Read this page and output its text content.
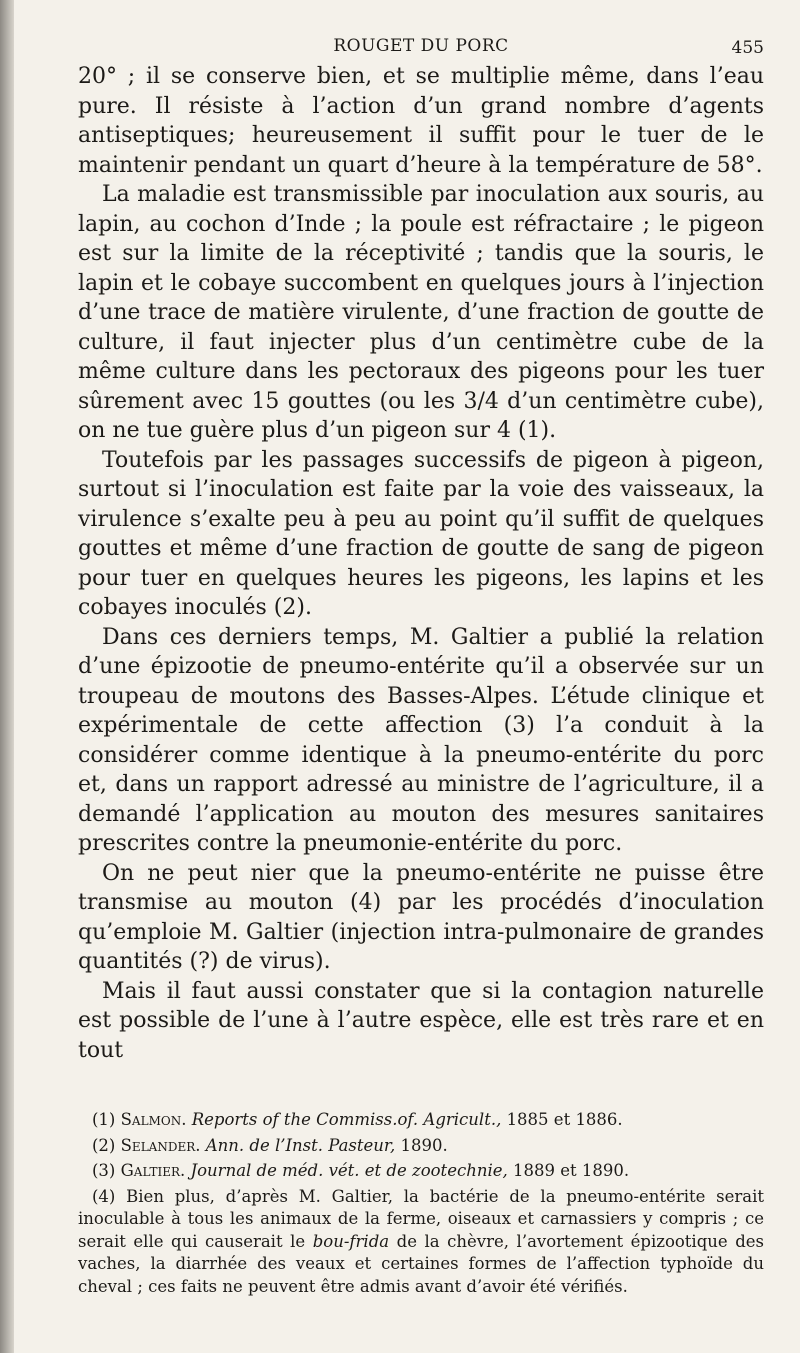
ROUGET DU PORC	455

20° ; il se conserve bien, et se multiplie même, dans l’eau pure. Il résiste à l’action d’un grand nombre d’agents antiseptiques; heureusement il suffit pour le tuer de le maintenir pendant un quart d’heure à la température de 58°.

La maladie est transmissible par inoculation aux souris, au lapin, au cochon d’Inde ; la poule est réfractaire ; le pigeon est sur la limite de la réceptivité ; tandis que la souris, le lapin et le cobaye succombent en quelques jours à l’injection d’une trace de matière virulente, d’une fraction de goutte de culture, il faut injecter plus d’un centimètre cube de la même culture dans les pectoraux des pigeons pour les tuer sûrement avec 15 gouttes (ou les 3/4 d’un centimètre cube), on ne tue guère plus d’un pigeon sur 4 (1).

Toutefois par les passages successifs de pigeon à pigeon, surtout si l’inoculation est faite par la voie des vaisseaux, la virulence s’exalte peu à peu au point qu’il suffit de quelques gouttes et même d’une fraction de goutte de sang de pigeon pour tuer en quelques heures les pigeons, les lapins et les cobayes inoculés (2).

Dans ces derniers temps, M. Galtier a publié la relation d’une épizootie de pneumo-entérite qu’il a observée sur un troupeau de moutons des Basses-Alpes. L’étude clinique et expérimentale de cette affection (3) l’a conduit à la considérer comme identique à la pneumo-entérite du porc et, dans un rapport adressé au ministre de l’agriculture, il a demandé l’application au mouton des mesures sanitaires prescrites contre la pneumonie-entérite du porc.

On ne peut nier que la pneumo-entérite ne puisse être transmise au mouton (4) par les procédés d’inoculation qu’emploie M. Galtier (injection intra-pulmonaire de grandes quantités (?) de virus).

Mais il faut aussi constater que si la contagion naturelle est possible de l’une à l’autre espèce, elle est très rare et en tout

(1) Salmon. Reports of the Commiss.of. Agricult., 1885 et 1886.

(2) Selander. Ann. de l’Inst. Pasteur, 1890.

(3) Galtier. Journal de méd. vét. et de zootechnie, 1889 et 1890.

(4) Bien plus, d’après M. Galtier, la bactérie de la pneumo-entérite serait inoculable à tous les animaux de la ferme, oiseaux et carnassiers y compris ; ce serait elle qui causerait le bou-frida de la chèvre, l’avortement épizootique des vaches, la diarrhée des veaux et certaines formes de l’affection typhoïde du cheval ; ces faits ne peuvent être admis avant d’avoir été vérifiés.
